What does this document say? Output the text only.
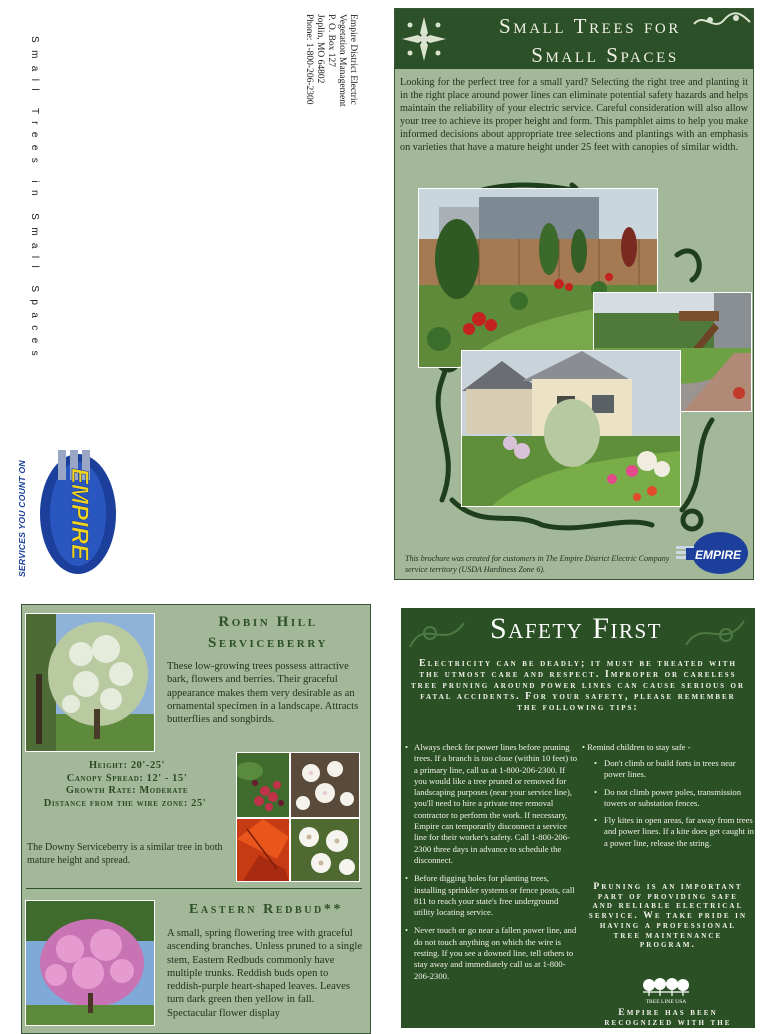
Small Trees in Small Spaces	Empire District Electric
Vegetation Management
P. O. Box 127
Joplin, MO 64802
Phone: 1-800-206-2300
EMPIRE
SERVICES YOU COUNT ON
Small Trees for
Small Spaces
Looking for the perfect tree for a small yard? Selecting the right tree and planting it in the right place around power lines can eliminate potential safety hazards and helps maintain the reliability of your electric service. Careful consideration will also allow your tree to achieve its proper height and form. This pamphlet aims to help you make informed decisions about appropriate tree selections and plantings with an emphasis on varieties that have a mature height under 25 feet with canopies of similar width.
This brochure was created for customers in The Empire District Electric Company service territory (USDA Hardiness Zone 6).
EMPIRE
Robin Hill
Serviceberry
These low-growing trees possess attractive bark, flowers and berries. Their graceful appearance makes them very desirable as an ornamental specimen in a landscape. Attracts butterflies and songbirds.
Height: 20'-25'
Canopy Spread: 12' - 15'
Growth Rate: Moderate
Distance from the wire zone: 25'
The Downy Serviceberry is a similar tree in both mature height and spread.
Eastern Redbud**
A small, spring flowering tree with graceful ascending branches. Unless pruned to a single stem, Eastern Redbuds commonly have multiple trunks. Reddish buds open to reddish-purple heart-shaped leaves. Leaves turn dark green then yellow in fall. Spectacular flower display
Safety First
Electricity can be deadly; it must be treated with the utmost care and respect. Improper or careless tree pruning around power lines can cause serious or fatal accidents. For your safety, please remember the following tips:
• Always check for power lines before pruning trees. If a branch is too close (within 10 feet) to a primary line, call us at 1-800-206-2300. If you would like a tree pruned or removed for landscaping purposes (near your service line), you'll need to hire a private tree removal contractor to perform the work. If necessary, Empire can temporarily disconnect a service line for their worker's safety. Call 1-800-206-2300 three days in advance to schedule the disconnect.
• Before digging holes for planting trees, installing sprinkler systems or fence posts, call 811 to reach your state's free underground utility locating service.
• Never touch or go near a fallen power line, and do not touch anything on which the wire is resting. If you see a downed line, tell others to stay away and immediately call us at 1-800-206-2300.
• Remind children to stay safe -
• Don't climb or build forts in trees near power lines.
• Do not climb power poles, transmission towers or substation fences.
• Fly kites in open areas, far away from trees and power lines. If a kite does get caught in a power line, release the string.
Pruning is an important part of providing safe and reliable electrical service. We take pride in having a professional tree maintenance program.
TREE LINE USA
Empire has been recognized with the
